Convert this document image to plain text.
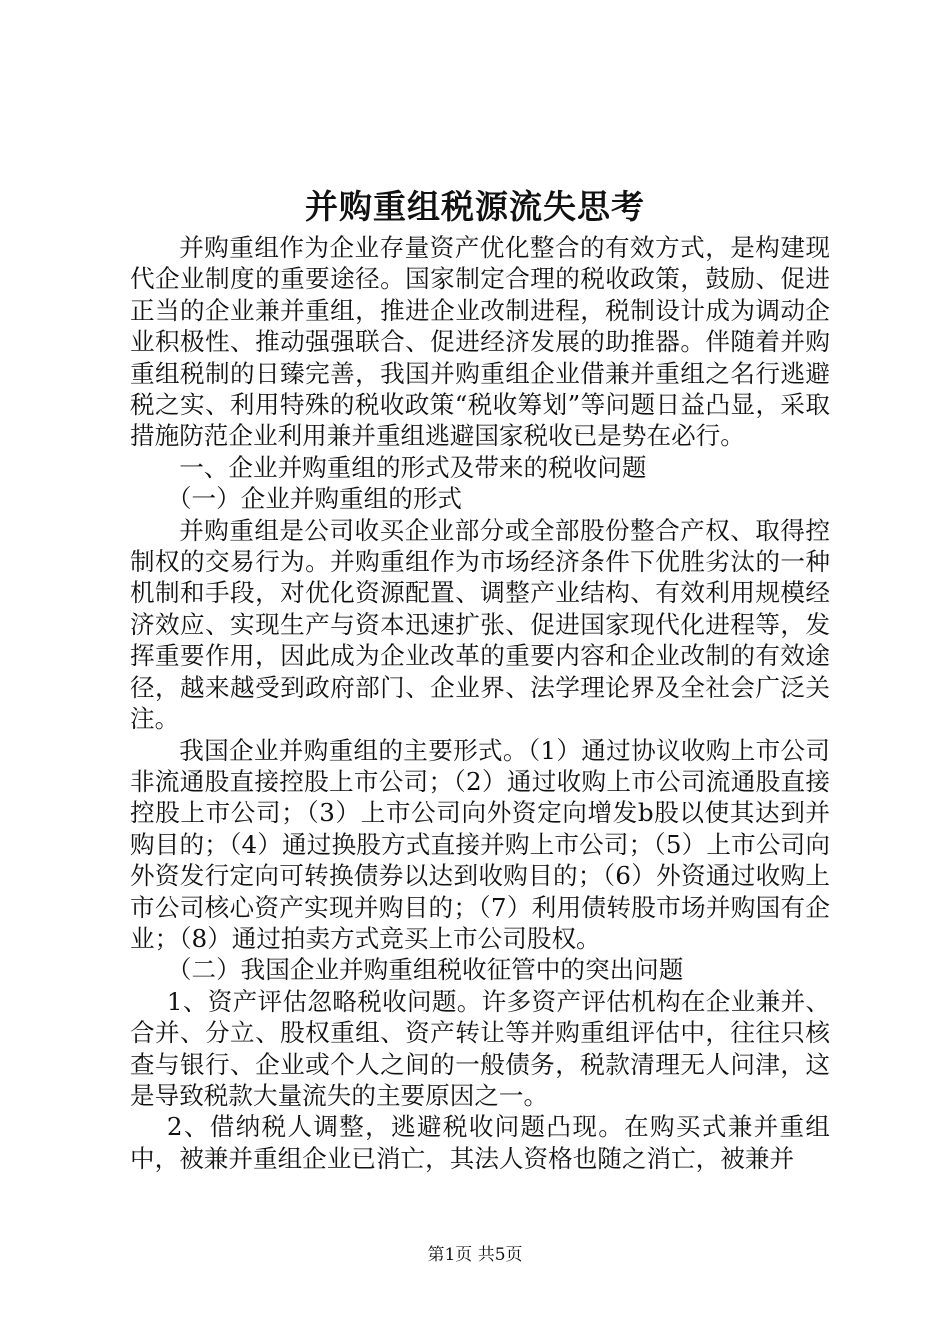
并购重组税源流失思考

并购重组作为企业存量资产优化整合的有效方式，是构建现代企业制度的重要途径。国家制定合理的税收政策，鼓励、促进正当的企业兼并重组，推进企业改制进程，税制设计成为调动企业积极性、推动强强联合、促进经济发展的助推器。伴随着并购重组税制的日臻完善，我国并购重组企业借兼并重组之名行逃避税之实、利用特殊的税收政策“税收筹划”等问题日益凸显，采取措施防范企业利用兼并重组逃避国家税收已是势在必行。

一、企业并购重组的形式及带来的税收问题

（一）企业并购重组的形式

并购重组是公司收买企业部分或全部股份整合产权、取得控制权的交易行为。并购重组作为市场经济条件下优胜劣汰的一种机制和手段，对优化资源配置、调整产业结构、有效利用规模经济效应、实现生产与资本迅速扩张、促进国家现代化进程等，发挥重要作用，因此成为企业改革的重要内容和企业改制的有效途径，越来越受到政府部门、企业界、法学理论界及全社会广泛关注。

我国企业并购重组的主要形式。（1）通过协议收购上市公司非流通股直接控股上市公司；（2）通过收购上市公司流通股直接控股上市公司；（3）上市公司向外资定向增发b股以使其达到并购目的；（4）通过换股方式直接并购上市公司；（5）上市公司向外资发行定向可转换债券以达到收购目的；（6）外资通过收购上市公司核心资产实现并购目的；（7）利用债转股市场并购国有企业；（8）通过拍卖方式竞买上市公司股权。

（二）我国企业并购重组税收征管中的突出问题

1、资产评估忽略税收问题。许多资产评估机构在企业兼并、合并、分立、股权重组、资产转让等并购重组评估中，往往只核查与银行、企业或个人之间的一般债务，税款清理无人问津，这是导致税款大量流失的主要原因之一。

2、借纳税人调整，逃避税收问题凸现。在购买式兼并重组中，被兼并重组企业已消亡，其法人资格也随之消亡，被兼并

第1页 共5页
